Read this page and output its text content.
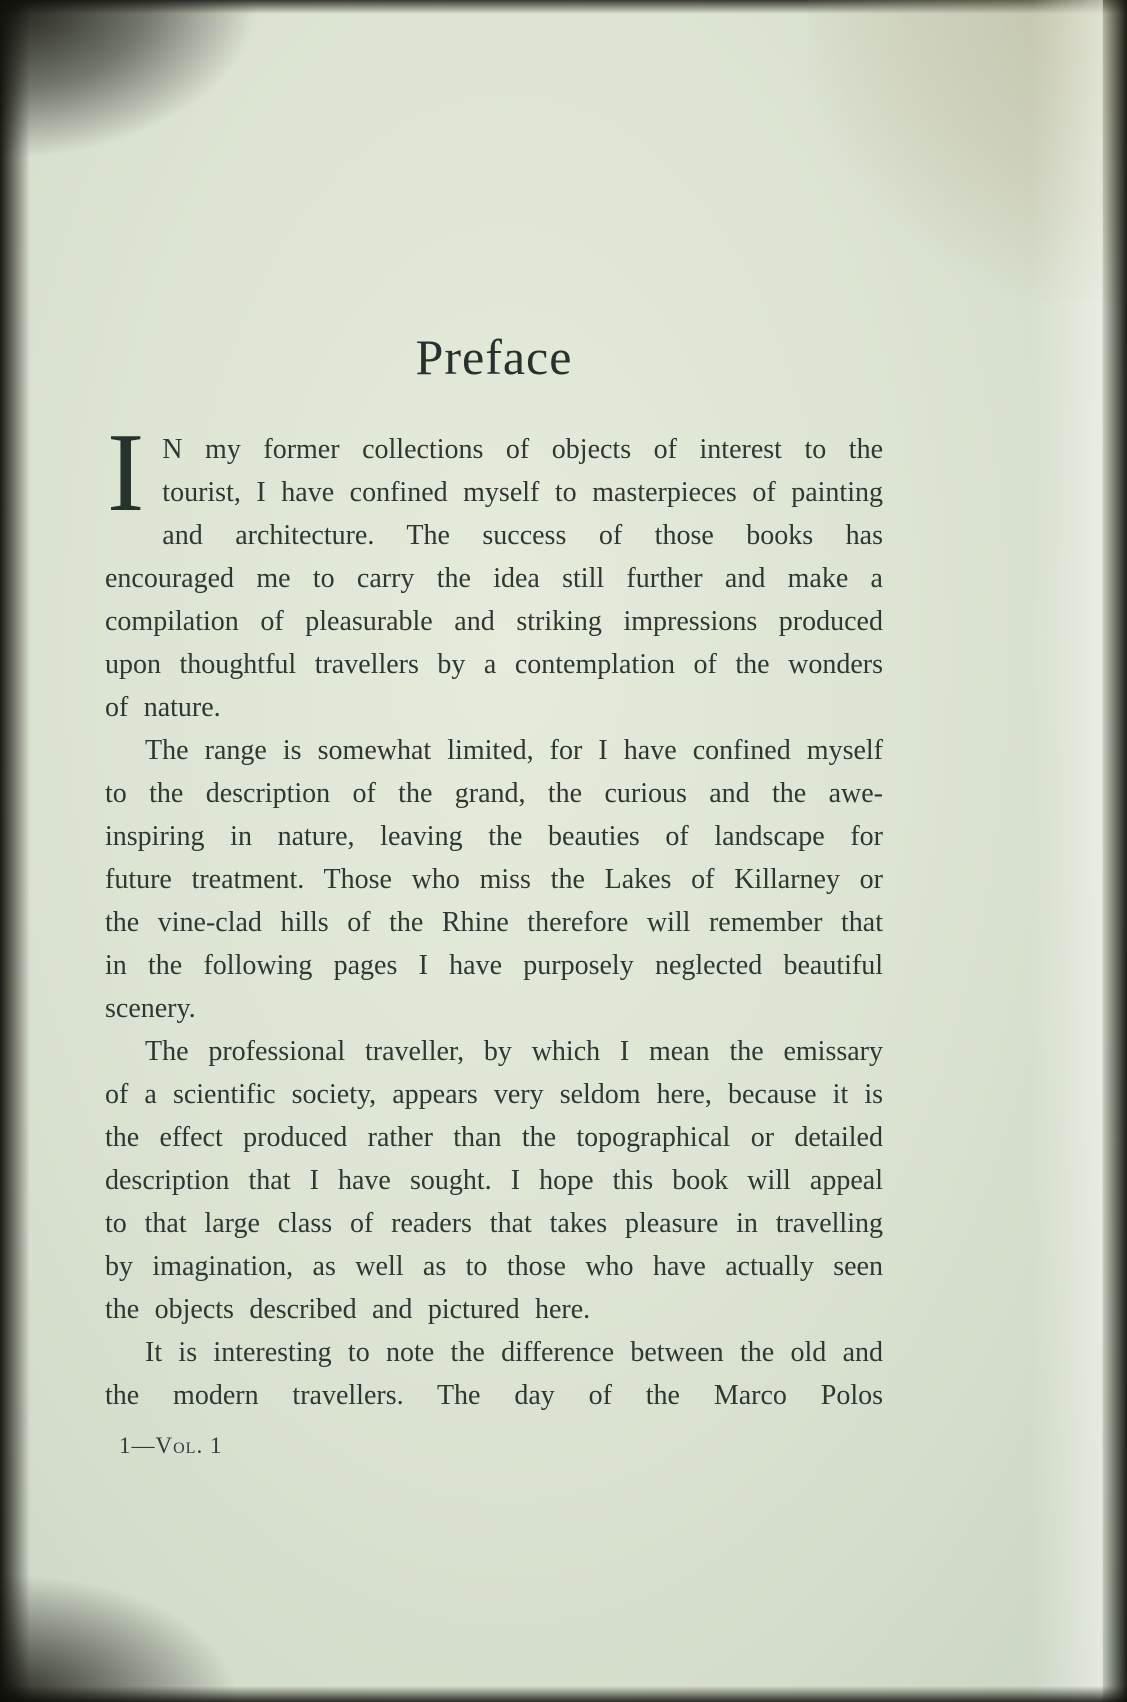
Preface

I N my former collections of objects of interest to the tourist, I have confined myself to masterpieces of painting and architecture. The success of those books has encouraged me to carry the idea still further and make a compilation of pleasurable and striking impressions produced upon thoughtful travellers by a contemplation of the wonders of nature.

The range is somewhat limited, for I have confined myself to the description of the grand, the curious and the awe-inspiring in nature, leaving the beauties of landscape for future treatment. Those who miss the Lakes of Killarney or the vine-clad hills of the Rhine therefore will remember that in the following pages I have purposely neglected beautiful scenery.

The professional traveller, by which I mean the emissary of a scientific society, appears very seldom here, because it is the effect produced rather than the topographical or detailed description that I have sought. I hope this book will appeal to that large class of readers that takes pleasure in travelling by imagination, as well as to those who have actually seen the objects described and pictured here.

It is interesting to note the difference between the old and the modern travellers. The day of the Marco Polos

1—Vol. 1
